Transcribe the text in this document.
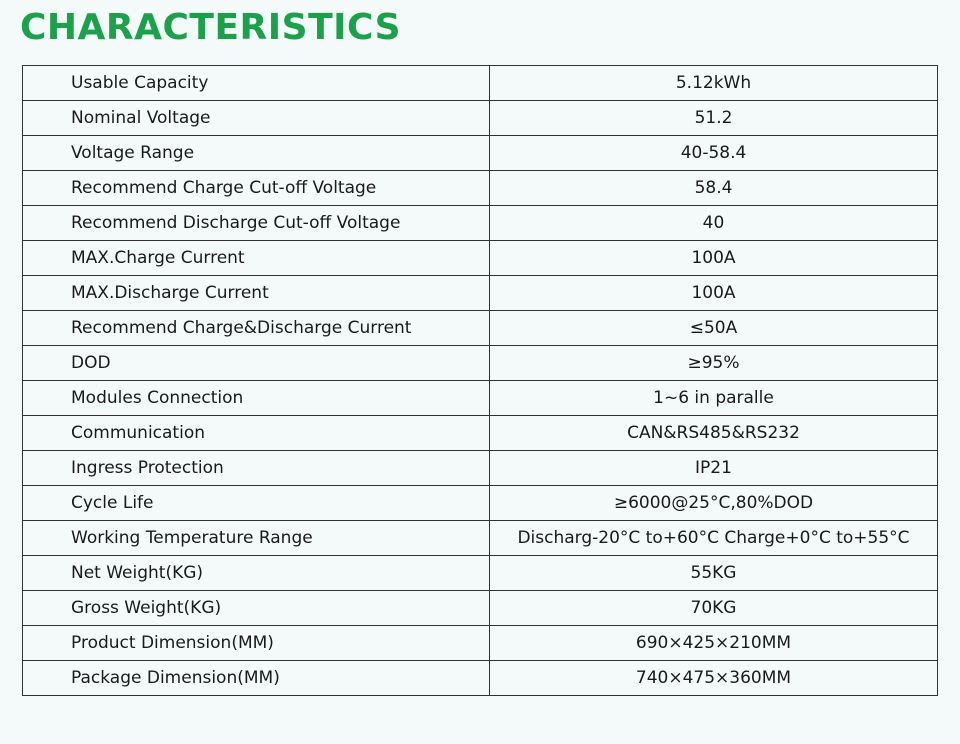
CHARACTERISTICS
Usable Capacity	5.12kWh
Nominal Voltage	51.2
Voltage Range	40-58.4
Recommend Charge Cut-off Voltage	58.4
Recommend Discharge Cut-off Voltage	40
MAX.Charge Current	100A
MAX.Discharge Current	100A
Recommend Charge&Discharge Current	≤50A
DOD	≥95%
Modules Connection	1~6 in paralle
Communication	CAN&RS485&RS232
Ingress Protection	IP21
Cycle Life	≥6000@25°C,80%DOD
Working Temperature Range	Discharg-20°C to+60°C Charge+0°C to+55°C
Net Weight(KG)	55KG
Gross Weight(KG)	70KG
Product Dimension(MM)	690×425×210MM
Package Dimension(MM)	740×475×360MM
